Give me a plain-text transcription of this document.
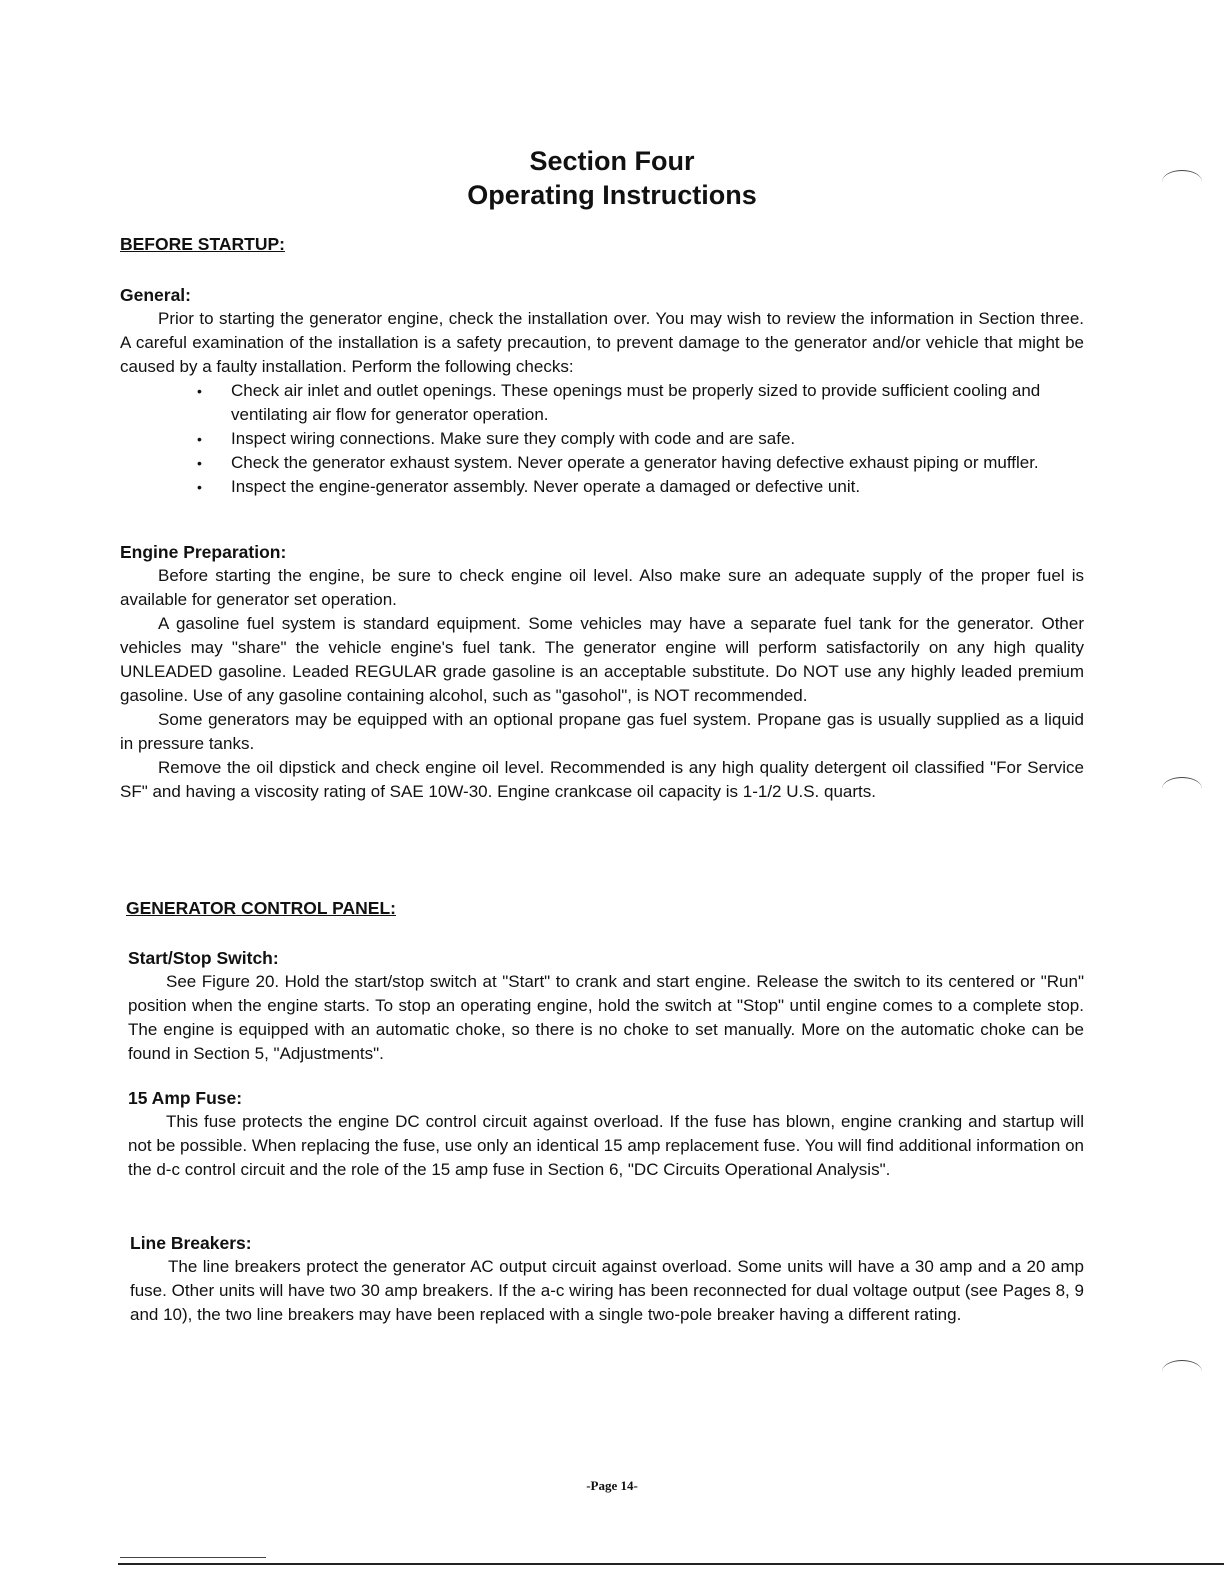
Section Four
Operating Instructions
BEFORE STARTUP:
General:

Prior to starting the generator engine, check the installation over. You may wish to review the information in Section three. A careful examination of the installation is a safety precaution, to prevent damage to the generator and/or vehicle that might be caused by a faulty installation. Perform the following checks:

• Check air inlet and outlet openings. These openings must be properly sized to provide sufficient cooling and ventilating air flow for generator operation.
• Inspect wiring connections. Make sure they comply with code and are safe.
• Check the generator exhaust system. Never operate a generator having defective exhaust piping or muffler.
• Inspect the engine-generator assembly. Never operate a damaged or defective unit.
Engine Preparation:

Before starting the engine, be sure to check engine oil level. Also make sure an adequate supply of the proper fuel is available for generator set operation.

A gasoline fuel system is standard equipment. Some vehicles may have a separate fuel tank for the generator. Other vehicles may "share" the vehicle engine's fuel tank. The generator engine will perform satisfactorily on any high quality UNLEADED gasoline. Leaded REGULAR grade gasoline is an acceptable substitute. Do NOT use any highly leaded premium gasoline. Use of any gasoline containing alcohol, such as "gasohol", is NOT recommended.

Some generators may be equipped with an optional propane gas fuel system. Propane gas is usually supplied as a liquid in pressure tanks.

Remove the oil dipstick and check engine oil level. Recommended is any high quality detergent oil classified "For Service SF" and having a viscosity rating of SAE 10W-30. Engine crankcase oil capacity is 1-1/2 U.S. quarts.

GENERATOR CONTROL PANEL:
Start/Stop Switch:

See Figure 20. Hold the start/stop switch at "Start" to crank and start engine. Release the switch to its centered or "Run" position when the engine starts. To stop an operating engine, hold the switch at "Stop" until engine comes to a complete stop. The engine is equipped with an automatic choke, so there is no choke to set manually. More on the automatic choke can be found in Section 5, "Adjustments".

15 Amp Fuse:

This fuse protects the engine DC control circuit against overload. If the fuse has blown, engine cranking and startup will not be possible. When replacing the fuse, use only an identical 15 amp replacement fuse. You will find additional information on the d-c control circuit and the role of the 15 amp fuse in Section 6, "DC Circuits Operational Analysis".

Line Breakers:

The line breakers protect the generator AC output circuit against overload. Some units will have a 30 amp and a 20 amp fuse. Other units will have two 30 amp breakers. If the a-c wiring has been reconnected for dual voltage output (see Pages 8, 9 and 10), the two line breakers may have been replaced with a single two-pole breaker having a different rating.

-Page 14-
